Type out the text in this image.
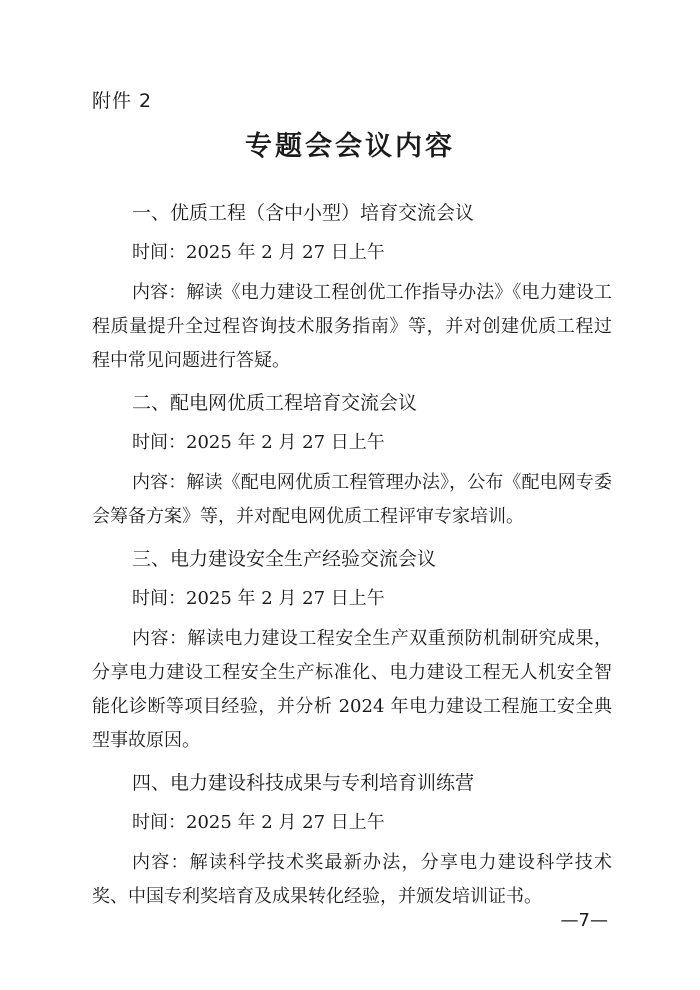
附件 2
专题会会议内容
一、优质工程（含中小型）培育交流会议
时间：2025 年 2 月 27 日上午
内容：解读《电力建设工程创优工作指导办法》《电力建设工程质量提升全过程咨询技术服务指南》等，并对创建优质工程过程中常见问题进行答疑。
二、配电网优质工程培育交流会议
时间：2025 年 2 月 27 日上午
内容：解读《配电网优质工程管理办法》，公布《配电网专委会筹备方案》等，并对配电网优质工程评审专家培训。
三、电力建设安全生产经验交流会议
时间：2025 年 2 月 27 日上午
内容：解读电力建设工程安全生产双重预防机制研究成果，分享电力建设工程安全生产标准化、电力建设工程无人机安全智能化诊断等项目经验，并分析 2024 年电力建设工程施工安全典型事故原因。
四、电力建设科技成果与专利培育训练营
时间：2025 年 2 月 27 日上午
内容：解读科学技术奖最新办法，分享电力建设科学技术奖、中国专利奖培育及成果转化经验，并颁发培训证书。
—7—
